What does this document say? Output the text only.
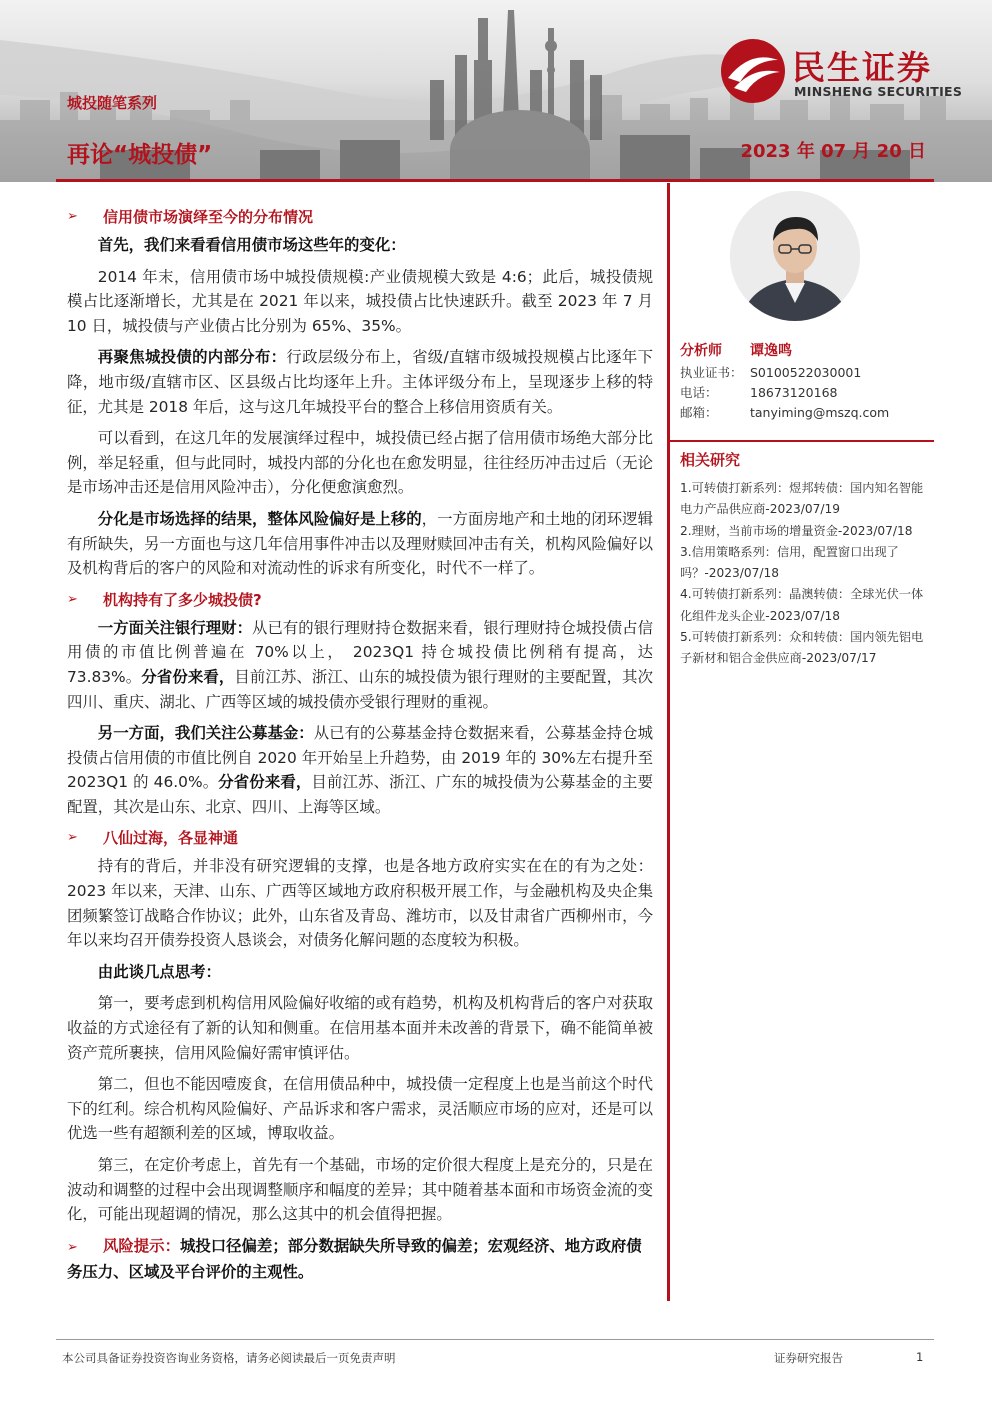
城投随笔系列
再论“城投债”	2023 年 07 月 20 日
民生证券
MINSHENG SECURITIES
➢	信用债市场演绎至今的分布情况

首先，我们来看看信用债市场这些年的变化：

2014 年末，信用债市场中城投债规模:产业债规模大致是 4:6；此后，城投债规模占比逐渐增长，尤其是在 2021 年以来，城投债占比快速跃升。截至 2023 年 7 月 10 日，城投债与产业债占比分别为 65%、35%。

再聚焦城投债的内部分布：行政层级分布上，省级/直辖市级城投规模占比逐年下降，地市级/直辖市区、区县级占比均逐年上升。主体评级分布上，呈现逐步上移的特征，尤其是 2018 年后，这与这几年城投平台的整合上移信用资质有关。

可以看到，在这几年的发展演绎过程中，城投债已经占据了信用债市场绝大部分比例，举足轻重，但与此同时，城投内部的分化也在愈发明显，往往经历冲击过后（无论是市场冲击还是信用风险冲击），分化便愈演愈烈。

分化是市场选择的结果，整体风险偏好是上移的，一方面房地产和土地的闭环逻辑有所缺失，另一方面也与这几年信用事件冲击以及理财赎回冲击有关，机构风险偏好以及机构背后的客户的风险和对流动性的诉求有所变化，时代不一样了。

➢	机构持有了多少城投债?

一方面关注银行理财：从已有的银行理财持仓数据来看，银行理财持仓城投债占信用债的市值比例普遍在 70%以上， 2023Q1 持仓城投债比例稍有提高，达 73.83%。分省份来看，目前江苏、浙江、山东的城投债为银行理财的主要配置，其次四川、重庆、湖北、广西等区域的城投债亦受银行理财的重视。

另一方面，我们关注公募基金：从已有的公募基金持仓数据来看，公募基金持仓城投债占信用债的市值比例自 2020 年开始呈上升趋势，由 2019 年的 30%左右提升至 2023Q1 的 46.0%。分省份来看，目前江苏、浙江、广东的城投债为公募基金的主要配置，其次是山东、北京、四川、上海等区域。

➢	八仙过海，各显神通

持有的背后，并非没有研究逻辑的支撑，也是各地方政府实实在在的有为之处：2023 年以来，天津、山东、广西等区域地方政府积极开展工作，与金融机构及央企集团频繁签订战略合作协议；此外，山东省及青岛、潍坊市，以及甘肃省广西柳州市，今年以来均召开债券投资人恳谈会，对债务化解问题的态度较为积极。

由此谈几点思考：

第一，要考虑到机构信用风险偏好收缩的或有趋势，机构及机构背后的客户对获取收益的方式途径有了新的认知和侧重。在信用基本面并未改善的背景下，确不能简单被资产荒所裹挟，信用风险偏好需审慎评估。

第二，但也不能因噎废食，在信用债品种中，城投债一定程度上也是当前这个时代下的红利。综合机构风险偏好、产品诉求和客户需求，灵活顺应市场的应对，还是可以优选一些有超额利差的区域，博取收益。

第三，在定价考虑上，首先有一个基础，市场的定价很大程度上是充分的，只是在波动和调整的过程中会出现调整顺序和幅度的差异；其中随着基本面和市场资金流的变化，可能出现超调的情况，那么这其中的机会值得把握。

➢ 风险提示：城投口径偏差；部分数据缺失所导致的偏差；宏观经济、地方政府债务压力、区域及平台评价的主观性。

分析师	谭逸鸣
执业证书： S0100522030001
电话：	18673120168
邮箱：	tanyiming@mszq.com
相关研究
1.可转债打新系列：煜邦转债：国内知名智能电力产品供应商-2023/07/19
2.理财，当前市场的增量资金-2023/07/18
3.信用策略系列：信用，配置窗口出现了吗？-2023/07/18
4.可转债打新系列：晶澳转债：全球光伏一体化组件龙头企业-2023/07/18
5.可转债打新系列：众和转债：国内领先铝电子新材和铝合金供应商-2023/07/17
本公司具备证券投资咨询业务资格，请务必阅读最后一页免责声明	证券研究报告	1
